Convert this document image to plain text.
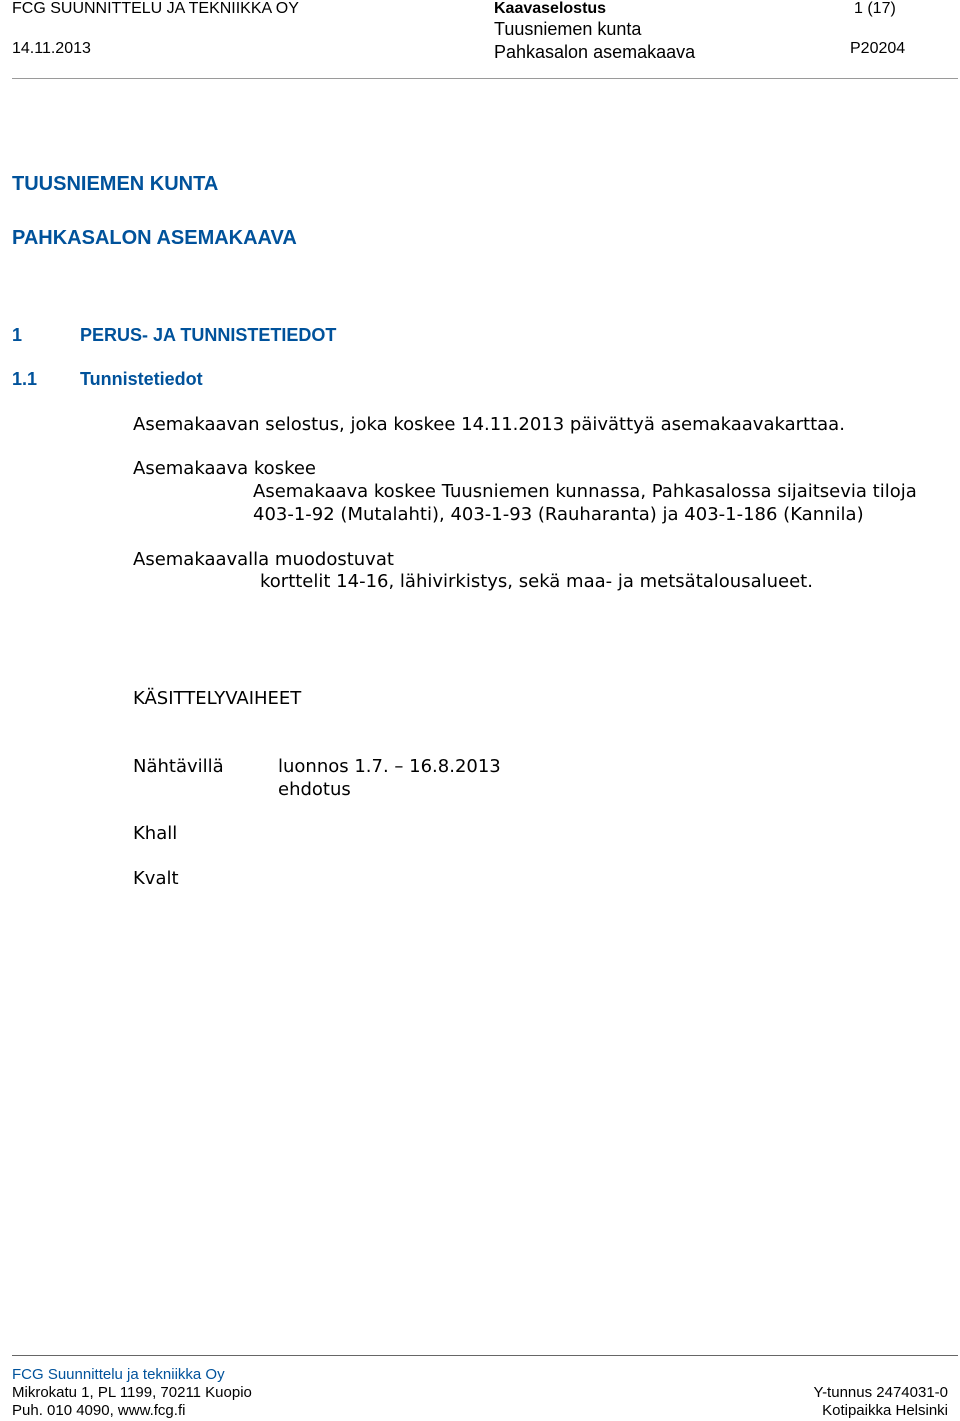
FCG SUUNNITTELU JA TEKNIIKKA OY
14.11.2013
Kaavaselostus
Tuusniemen kunta
Pahkasalon asemakaava
1 (17)
P20204
TUUSNIEMEN KUNTA
PAHKASALON ASEMAKAAVA
1	PERUS- JA TUNNISTETIEDOT
1.1 Tunnistetiedot
Asemakaavan selostus, joka koskee 14.11.2013 päivättyä asemakaavakarttaa.
Asemakaava koskee
Asemakaava koskee Tuusniemen kunnassa, Pahkasalossa sijaitsevia tiloja
403-1-92 (Mutalahti), 403-1-93 (Rauharanta) ja 403-1-186 (Kannila)
Asemakaavalla muodostuvat
korttelit 14-16, lähivirkistys, sekä maa- ja metsätalousalueet.
KÄSITTELYVAIHEET
Nähtävillä	luonnos 1.7. – 16.8.2013
ehdotus
Khall
Kvalt
FCG Suunnittelu ja tekniikka Oy
Mikrokatu 1, PL 1199, 70211 Kuopio
Puh. 010 4090, www.fcg.fi
Y-tunnus 2474031-0
Kotipaikka Helsinki
